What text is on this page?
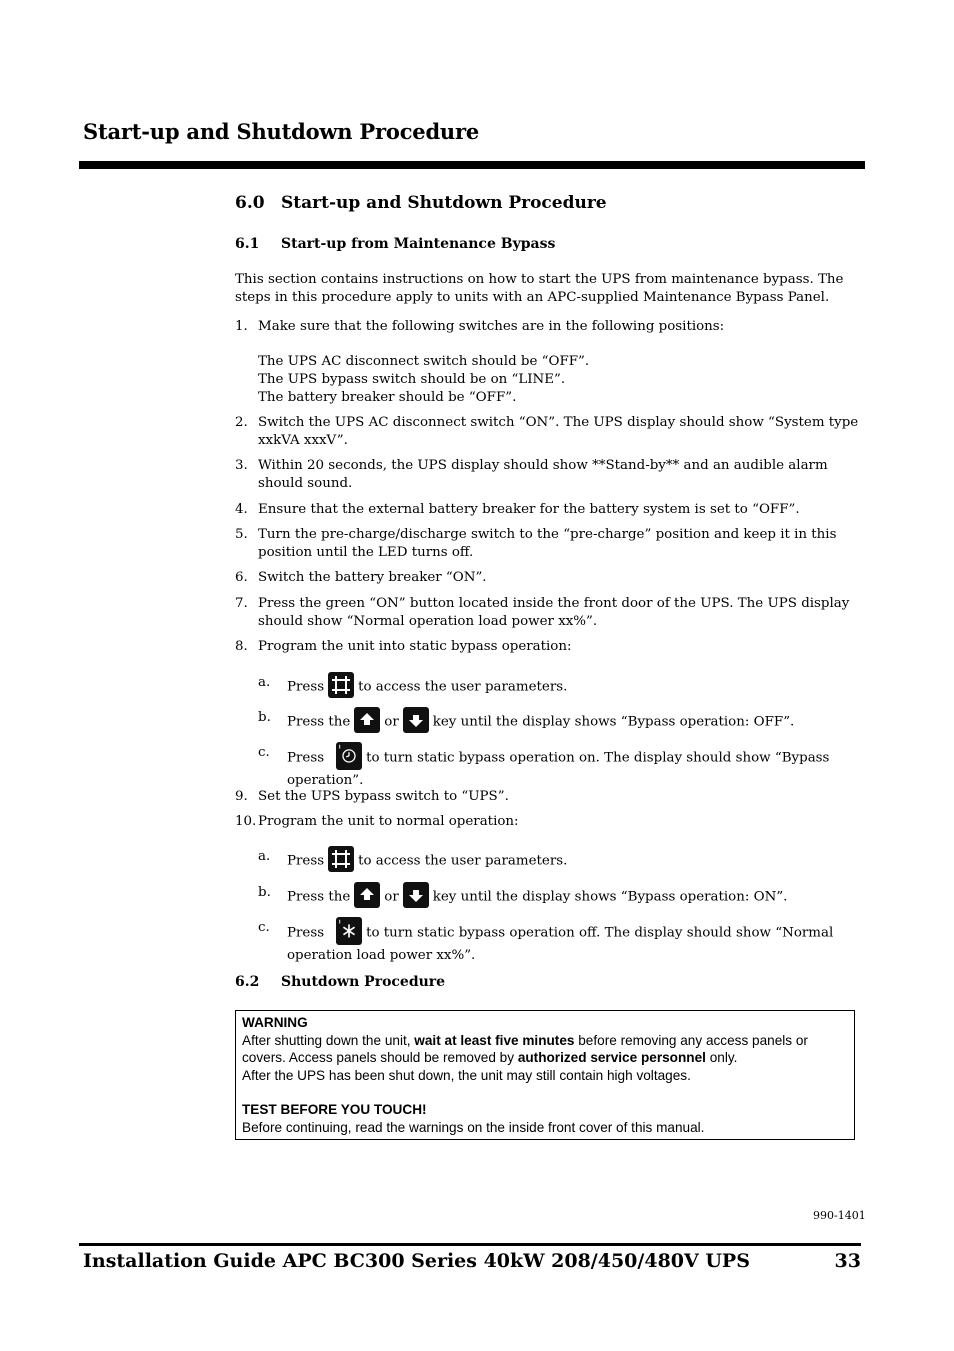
Start-up and Shutdown Procedure
6.0 Start-up and Shutdown Procedure
6.1 Start-up from Maintenance Bypass

This section contains instructions on how to start the UPS from maintenance bypass. The steps in this procedure apply to units with an APC-supplied Maintenance Bypass Panel.

1. Make sure that the following switches are in the following positions:
The UPS AC disconnect switch should be “OFF”.
The UPS bypass switch should be on “LINE”.
The battery breaker should be “OFF”.
2. Switch the UPS AC disconnect switch “ON”. The UPS display should show “System type xxkVA xxxV”.
3. Within 20 seconds, the UPS display should show **Stand-by** and an audible alarm should sound.
4. Ensure that the external battery breaker for the battery system is set to “OFF”.
5. Turn the pre-charge/discharge switch to the “pre-charge” position and keep it in this position until the LED turns off.
6. Switch the battery breaker “ON”.
7. Press the green “ON” button located inside the front door of the UPS. The UPS display should show “Normal operation load power xx%”.
8. Program the unit into static bypass operation:
a. Press	to access the user parameters.
b. Press the	or	key until the display shows “Bypass operation: OFF”.
c. Press	to turn static bypass operation on. The display should show “Bypass operation”.
9. Set the UPS bypass switch to “UPS”.
10. Program the unit to normal operation:
a. Press	to access the user parameters.
b. Press the	or	key until the display shows “Bypass operation: ON”.
c. Press	to turn static bypass operation off. The display should show “Normal operation load power xx%”.
6.2 Shutdown Procedure
WARNING
After shutting down the unit, wait at least five minutes before removing any access panels or covers. Access panels should be removed by authorized service personnel only.
After the UPS has been shut down, the unit may still contain high voltages.
TEST BEFORE YOU TOUCH!
Before continuing, read the warnings on the inside front cover of this manual.
990-1401
Installation Guide APC BC300 Series 40kW 208/450/480V UPS	33
